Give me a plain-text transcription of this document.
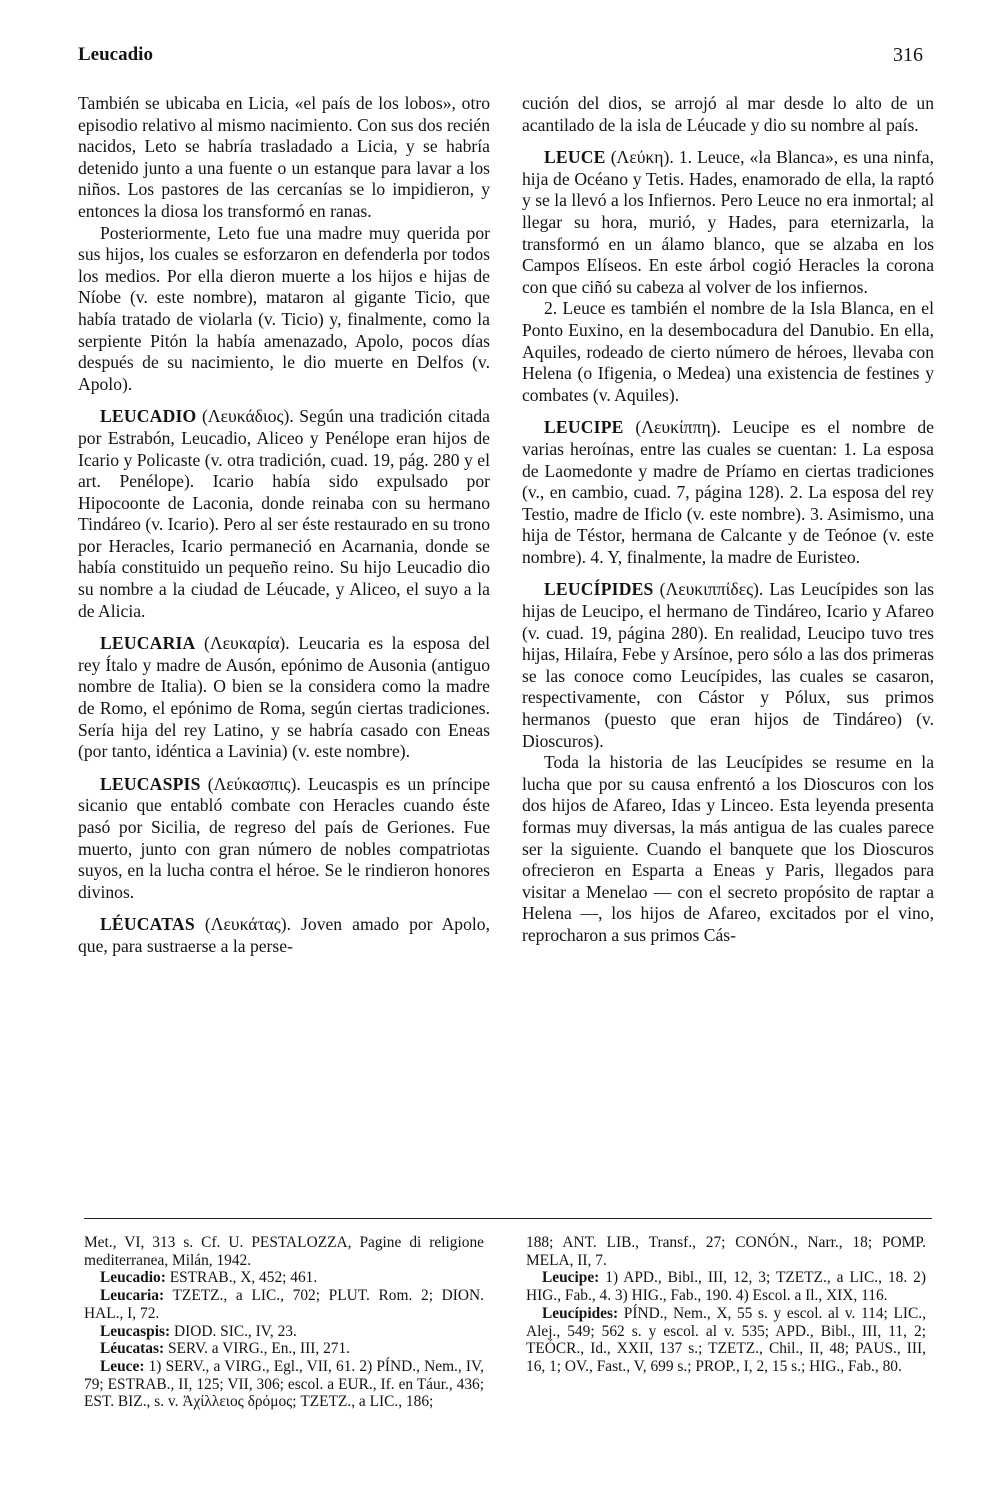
Leucadio	316

También se ubicaba en Licia, «el país de los lobos», otro episodio relativo al mismo nacimiento. Con sus dos recién nacidos, Leto se habría trasladado a Licia, y se habría detenido junto a una fuente o un estanque para lavar a los niños. Los pastores de las cercanías se lo impidieron, y entonces la diosa los transformó en ranas.

Posteriormente, Leto fue una madre muy querida por sus hijos, los cuales se esforzaron en defenderla por todos los medios. Por ella dieron muerte a los hijos e hijas de Níobe (v. este nombre), mataron al gigante Ticio, que había tratado de violarla (v. Ticio) y, finalmente, como la serpiente Pitón la había amenazado, Apolo, pocos días después de su nacimiento, le dio muerte en Delfos (v. Apolo).

LEUCADIO (Λευκάδιος). Según una tradición citada por Estrabón, Leucadio, Aliceo y Penélope eran hijos de Icario y Policaste (v. otra tradición, cuad. 19, pág. 280 y el art. Penélope). Icario había sido expulsado por Hipocoonte de Laconia, donde reinaba con su hermano Tindáreo (v. Icario). Pero al ser éste restaurado en su trono por Heracles, Icario permaneció en Acarnania, donde se había constituido un pequeño reino. Su hijo Leucadio dio su nombre a la ciudad de Léucade, y Aliceo, el suyo a la de Alicia.

LEUCARIA (Λευκαρία). Leucaria es la esposa del rey Ítalo y madre de Ausón, epónimo de Ausonia (antiguo nombre de Italia). O bien se la considera como la madre de Romo, el epónimo de Roma, según ciertas tradiciones. Sería hija del rey Latino, y se habría casado con Eneas (por tanto, idéntica a Lavinia) (v. este nombre).

LEUCASPIS (Λεύκασπις). Leucaspis es un príncipe sicanio que entabló combate con Heracles cuando éste pasó por Sicilia, de regreso del país de Geriones. Fue muerto, junto con gran número de nobles compatriotas suyos, en la lucha contra el héroe. Se le rindieron honores divinos.

LÉUCATAS (Λευκάτας). Joven amado por Apolo, que, para sustraerse a la perse-

cución del dios, se arrojó al mar desde lo alto de un acantilado de la isla de Léucade y dio su nombre al país.

LEUCE (Λεύκη). 1. Leuce, «la Blanca», es una ninfa, hija de Océano y Tetis. Hades, enamorado de ella, la raptó y se la llevó a los Infiernos. Pero Leuce no era inmortal; al llegar su hora, murió, y Hades, para eternizarla, la transformó en un álamo blanco, que se alzaba en los Campos Elíseos. En este árbol cogió Heracles la corona con que ciñó su cabeza al volver de los infiernos.

2. Leuce es también el nombre de la Isla Blanca, en el Ponto Euxino, en la desembocadura del Danubio. En ella, Aquiles, rodeado de cierto número de héroes, llevaba con Helena (o Ifigenia, o Medea) una existencia de festines y combates (v. Aquiles).

LEUCIPE (Λευκίππη). Leucipe es el nombre de varias heroínas, entre las cuales se cuentan: 1. La esposa de Laomedonte y madre de Príamo en ciertas tradiciones (v., en cambio, cuad. 7, página 128). 2. La esposa del rey Testio, madre de Ificlo (v. este nombre). 3. Asimismo, una hija de Téstor, hermana de Calcante y de Teónoe (v. este nombre). 4. Y, finalmente, la madre de Euristeo.

LEUCÍPIDES (Λευκιππίδες). Las Leucípides son las hijas de Leucipo, el hermano de Tindáreo, Icario y Afareo (v. cuad. 19, página 280). En realidad, Leucipo tuvo tres hijas, Hilaíra, Febe y Arsínoe, pero sólo a las dos primeras se las conoce como Leucípides, las cuales se casaron, respectivamente, con Cástor y Pólux, sus primos hermanos (puesto que eran hijos de Tindáreo) (v. Dioscuros).

Toda la historia de las Leucípides se resume en la lucha que por su causa enfrentó a los Dioscuros con los dos hijos de Afareo, Idas y Linceo. Esta leyenda presenta formas muy diversas, la más antigua de las cuales parece ser la siguiente. Cuando el banquete que los Dioscuros ofrecieron en Esparta a Eneas y Paris, llegados para visitar a Menelao — con el secreto propósito de raptar a Helena —, los hijos de Afareo, excitados por el vino, reprocharon a sus primos Cás-

Met., VI, 313 s. Cf. U. PESTALOZZA, Pagine di religione mediterranea, Milán, 1942.

Leucadio: ESTRAB., X, 452; 461.

Leucaria: TZETZ., a LIC., 702; PLUT. Rom. 2; DION. HAL., I, 72.

Leucaspis: DIOD. SIC., IV, 23.

Léucatas: SERV. a VIRG., En., III, 271.

Leuce: 1) SERV., a VIRG., Egl., VII, 61. 2) PÍND., Nem., IV, 79; ESTRAB., II, 125; VII, 306; escol. a EUR., If. en Táur., 436; EST. BIZ., s. v. Ἀχίλλειος δρόμος; TZETZ., a LIC., 186;

188; ANT. LIB., Transf., 27; CONÓN., Narr., 18; POMP. MELA, II, 7.

Leucipe: 1) APD., Bibl., III, 12, 3; TZETZ., a LIC., 18. 2) HIG., Fab., 4. 3) HIG., Fab., 190. 4) Escol. a Il., XIX, 116.

Leucípides: PÍND., Nem., X, 55 s. y escol. al v. 114; LIC., Alej., 549; 562 s. y escol. al v. 535; APD., Bibl., III, 11, 2; TEÓCR., Id., XXII, 137 s.; TZETZ., Chil., II, 48; PAUS., III, 16, 1; OV., Fast., V, 699 s.; PROP., I, 2, 15 s.; HIG., Fab., 80.
